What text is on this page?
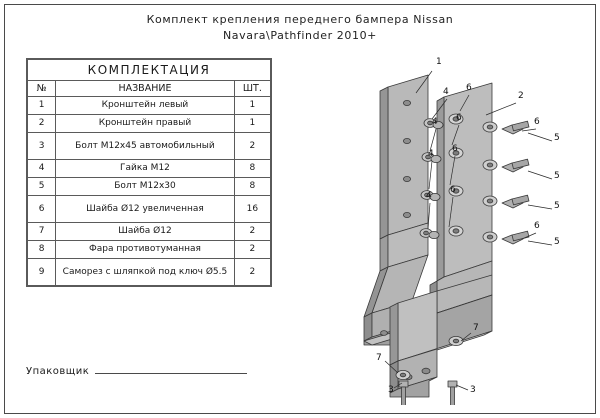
Комплект крепления переднего бампера Nissan
Navara\Pathfinder 2010+
КОМПЛЕКТАЦИЯ		
№	НАЗВАНИЕ	ШТ.
1	Кронштейн левый	1
2	Кронштейн правый	1
3	Болт М12х45 автомобильный	2
4	Гайка М12	8
5	Болт М12х30	8
6	Шайба Ø12 увеличенная	16
7	Шайба Ø12	2
8	Фара противотуманная	2
9	Саморез с шляпкой под ключ Ø5.5	2
Упаковщик
1
2
4 6
4 6	6
5
4 6
5
5
4
6
6
5
7
7
3	3
